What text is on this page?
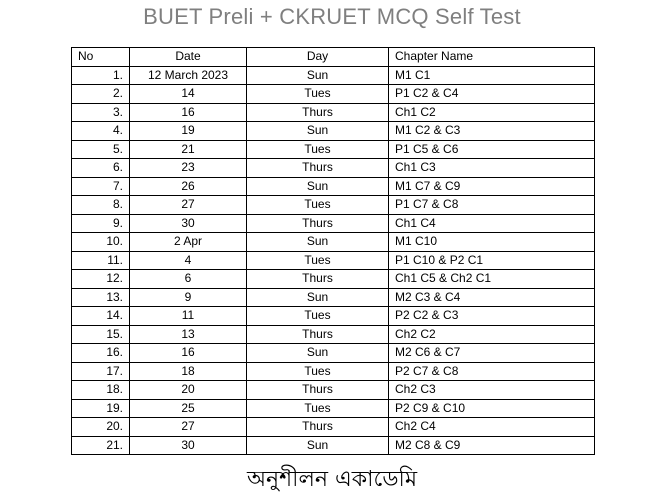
BUET Preli + CKRUET MCQ Self Test
No	Date	Day	Chapter Name
1.	12 March 2023	Sun	M1 C1
2.	14	Tues	P1 C2 & C4
3.	16	Thurs	Ch1 C2
4.	19	Sun	M1 C2 & C3
5.	21	Tues	P1 C5 & C6
6.	23	Thurs	Ch1 C3
7.	26	Sun	M1 C7 & C9
8.	27	Tues	P1 C7 & C8
9.	30	Thurs	Ch1 C4
10.	2 Apr	Sun	M1 C10
11.	4	Tues	P1 C10 & P2 C1
12.	6	Thurs	Ch1 C5 & Ch2 C1
13.	9	Sun	M2 C3 & C4
14.	11	Tues	P2 C2 & C3
15.	13	Thurs	Ch2 C2
16.	16	Sun	M2 C6 & C7
17.	18	Tues	P2 C7 & C8
18.	20	Thurs	Ch2 C3
19.	25	Tues	P2 C9 & C10
20.	27	Thurs	Ch2 C4
21.	30	Sun	M2 C8 & C9
অনুশীলন একাডেমি
